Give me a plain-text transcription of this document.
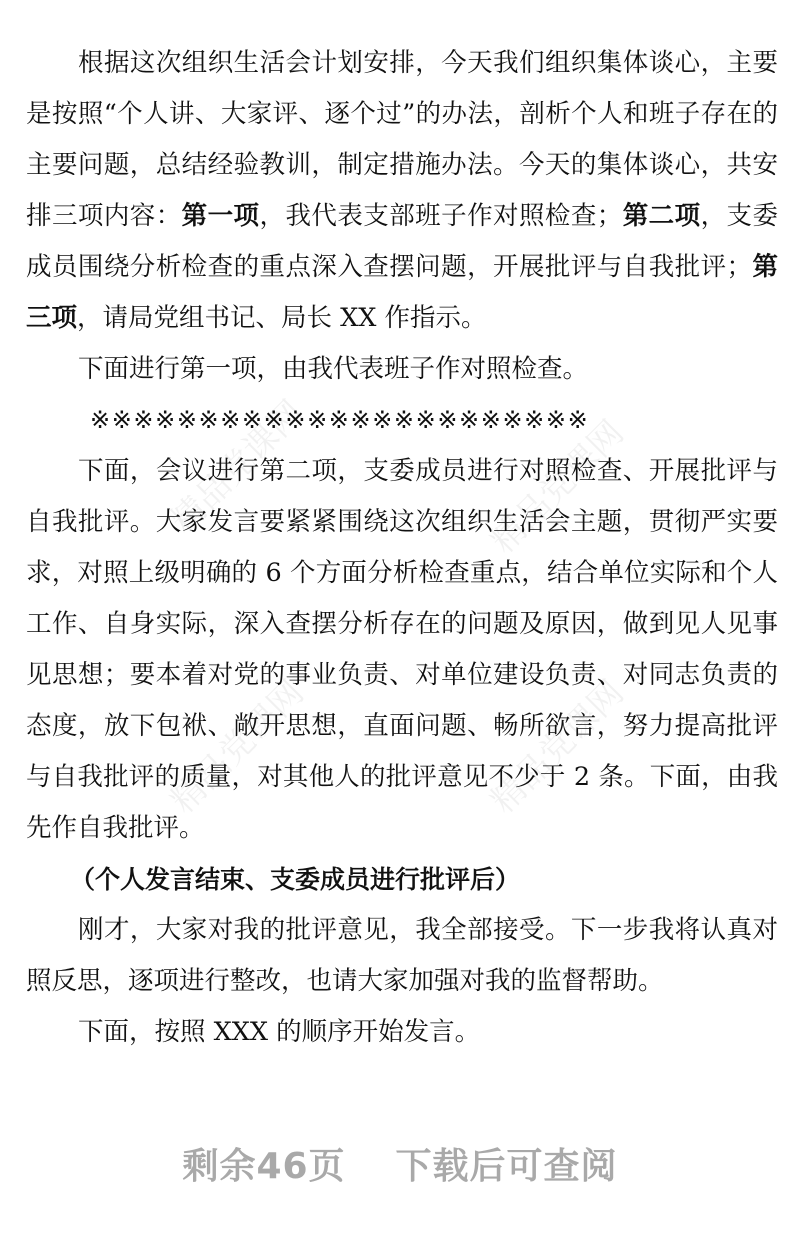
精品党课网	精品党课网
精品党课网	精品党课网
根据这次组织生活会计划安排，今天我们组织集体谈心，主要是按照“个人讲、大家评、逐个过”的办法，剖析个人和班子存在的主要问题，总结经验教训，制定措施办法。今天的集体谈心，共安排三项内容：第一项，我代表支部班子作对照检查；第二项，支委成员围绕分析检查的重点深入查摆问题，开展批评与自我批评；第三项，请局党组书记、局长 XX 作指示。
下面进行第一项，由我代表班子作对照检查。
※※※※※※※※※※※※※※※※※※※※※※※
下面，会议进行第二项，支委成员进行对照检查、开展批评与自我批评。大家发言要紧紧围绕这次组织生活会主题，贯彻严实要求，对照上级明确的 6 个方面分析检查重点，结合单位实际和个人工作、自身实际，深入查摆分析存在的问题及原因，做到见人见事见思想；要本着对党的事业负责、对单位建设负责、对同志负责的态度，放下包袱、敞开思想，直面问题、畅所欲言，努力提高批评与自我批评的质量，对其他人的批评意见不少于 2 条。下面，由我先作自我批评。
（个人发言结束、支委成员进行批评后）
刚才，大家对我的批评意见，我全部接受。下一步我将认真对照反思，逐项进行整改，也请大家加强对我的监督帮助。
下面，按照 XXX 的顺序开始发言。
剩余46页 下载后可查阅
